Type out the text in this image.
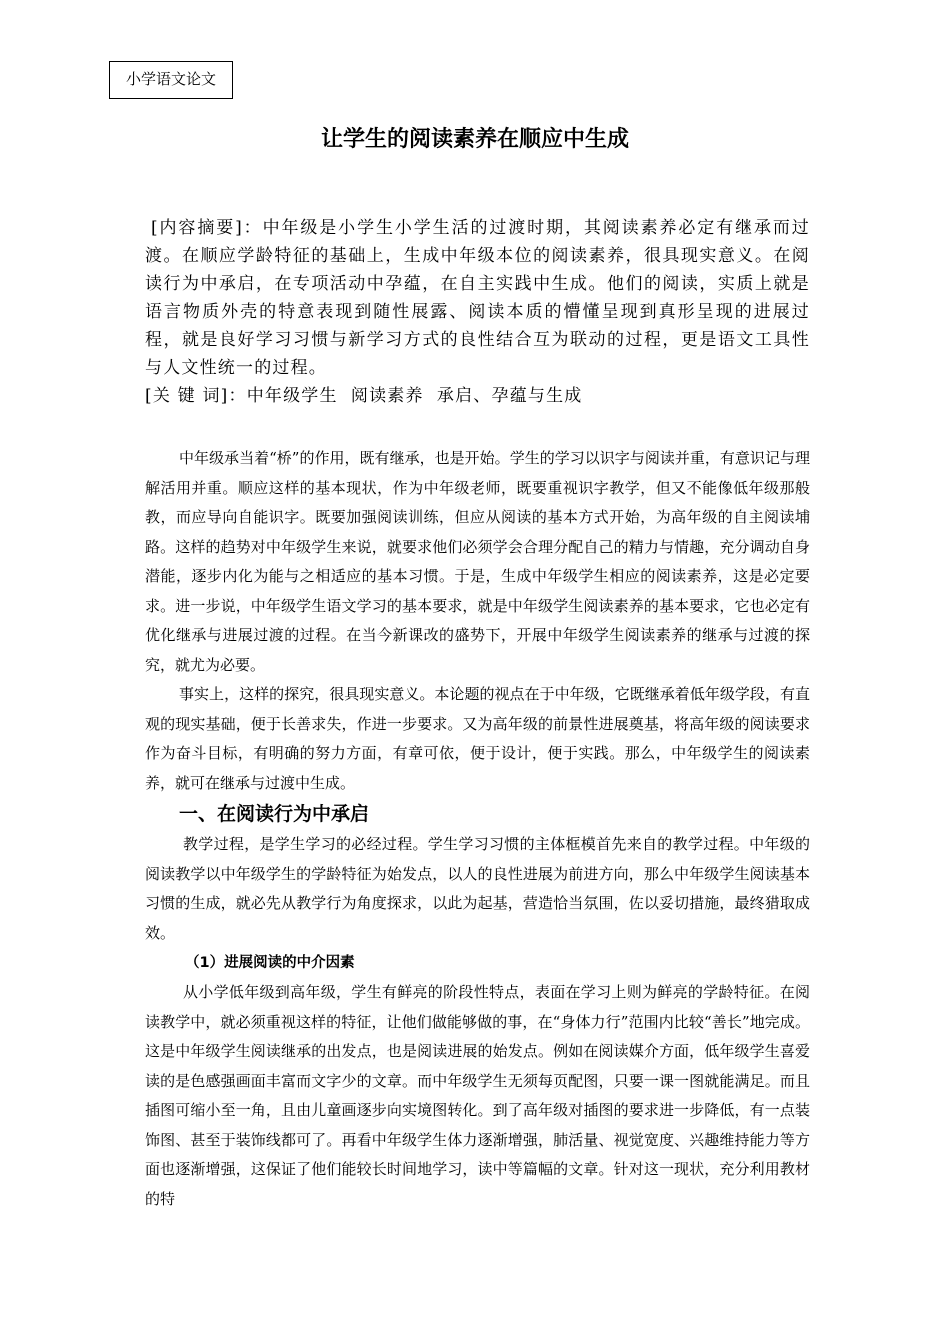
小学语文论文
让学生的阅读素养在顺应中生成

[内容摘要]：中年级是小学生小学生活的过渡时期，其阅读素养必定有继承而过渡。在顺应学龄特征的基础上，生成中年级本位的阅读素养，很具现实意义。在阅读行为中承启，在专项活动中孕蕴，在自主实践中生成。他们的阅读，实质上就是语言物质外壳的特意表现到随性展露、阅读本质的懵懂呈现到真形呈现的进展过程，就是良好学习习惯与新学习方式的良性结合互为联动的过程，更是语文工具性与人文性统一的过程。

[关 键 词]：中年级学生  阅读素养  承启、孕蕴与生成

中年级承当着“桥”的作用，既有继承，也是开始。学生的学习以识字与阅读并重，有意识记与理解活用并重。顺应这样的基本现状，作为中年级老师，既要重视识字教学，但又不能像低年级那般教，而应导向自能识字。既要加强阅读训练，但应从阅读的基本方式开始，为高年级的自主阅读埔路。这样的趋势对中年级学生来说，就要求他们必须学会合理分配自己的精力与情趣，充分调动自身潜能，逐步内化为能与之相适应的基本习惯。于是，生成中年级学生相应的阅读素养，这是必定要求。进一步说，中年级学生语文学习的基本要求，就是中年级学生阅读素养的基本要求，它也必定有优化继承与进展过渡的过程。在当今新课改的盛势下，开展中年级学生阅读素养的继承与过渡的探究，就尤为必要。

事实上，这样的探究，很具现实意义。本论题的视点在于中年级，它既继承着低年级学段，有直观的现实基础，便于长善求失，作进一步要求。又为高年级的前景性进展奠基，将高年级的阅读要求作为奋斗目标，有明确的努力方面，有章可依，便于设计，便于实践。那么，中年级学生的阅读素养，就可在继承与过渡中生成。

一、在阅读行为中承启

教学过程，是学生学习的必经过程。学生学习习惯的主体框模首先来自的教学过程。中年级的阅读教学以中年级学生的学龄特征为始发点，以人的良性进展为前进方向，那么中年级学生阅读基本习惯的生成，就必先从教学行为角度探求，以此为起基，营造恰当氛围，佐以妥切措施，最终猎取成效。

（1）进展阅读的中介因素

从小学低年级到高年级，学生有鲜亮的阶段性特点，表面在学习上则为鲜亮的学龄特征。在阅读教学中，就必须重视这样的特征，让他们做能够做的事，在“身体力行”范围内比较“善长”地完成。这是中年级学生阅读继承的出发点，也是阅读进展的始发点。例如在阅读媒介方面，低年级学生喜爱读的是色感强画面丰富而文字少的文章。而中年级学生无须每页配图，只要一课一图就能满足。而且插图可缩小至一角，且由儿童画逐步向实境图转化。到了高年级对插图的要求进一步降低，有一点装饰图、甚至于装饰线都可了。再看中年级学生体力逐渐增强，肺活量、视觉宽度、兴趣维持能力等方面也逐渐增强，这保证了他们能较长时间地学习，读中等篇幅的文章。针对这一现状，充分利用教材的特
